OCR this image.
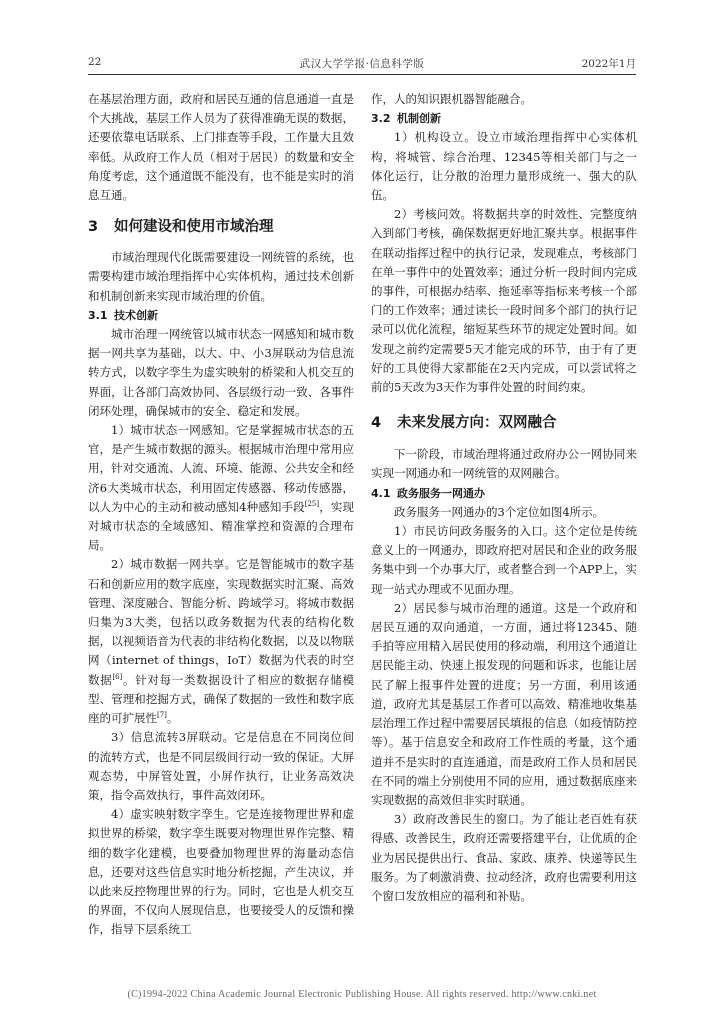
22	武汉大学学报·信息科学版	2022年1月

在基层治理方面，政府和居民互通的信息通道一直是个大挑战，基层工作人员为了获得准确无误的数据，还要依靠电话联系、上门排查等手段，工作量大且效率低。从政府工作人员（相对于居民）的数量和安全角度考虑，这个通道既不能没有，也不能是实时的消息互通。

3 如何建设和使用市域治理

市域治理现代化既需要建设一网统管的系统，也需要构建市域治理指挥中心实体机构，通过技术创新和机制创新来实现市域治理的价值。

3.1 技术创新

城市治理一网统管以城市状态一网感知和城市数据一网共享为基础，以大、中、小3屏联动为信息流转方式，以数字孪生为虚实映射的桥梁和人机交互的界面，让各部门高效协同、各层级行动一致、各事件闭环处理，确保城市的安全、稳定和发展。

1）城市状态一网感知。它是掌握城市状态的五官，是产生城市数据的源头。根据城市治理中常用应用，针对交通流、人流、环境、能源、公共安全和经济6大类城市状态，利用固定传感器、移动传感器，以人为中心的主动和被动感知4种感知手段[25]，实现对城市状态的全域感知、精准掌控和资源的合理布局。

2）城市数据一网共享。它是智能城市的数字基石和创新应用的数字底座，实现数据实时汇聚、高效管理、深度融合、智能分析、跨域学习。将城市数据归集为3大类，包括以政务数据为代表的结构化数据，以视频语音为代表的非结构化数据，以及以物联网（internet of things，IoT）数据为代表的时空数据[6]。针对每一类数据设计了相应的数据存储模型、管理和挖掘方式，确保了数据的一致性和数字底座的可扩展性[7]。

3）信息流转3屏联动。它是信息在不同岗位间的流转方式，也是不同层级间行动一致的保证。大屏观态势，中屏管处置，小屏作执行，让业务高效决策，指令高效执行，事件高效闭环。

4）虚实映射数字孪生。它是连接物理世界和虚拟世界的桥梁，数字孪生既要对物理世界作完整、精细的数字化建模，也要叠加物理世界的海量动态信息，还要对这些信息实时地分析挖掘，产生决议，并以此来反控物理世界的行为。同时，它也是人机交互的界面，不仅向人展现信息，也要接受人的反馈和操作，指导下层系统工

作，人的知识跟机器智能融合。

3.2 机制创新

1）机构设立。设立市域治理指挥中心实体机构，将城管、综合治理、12345等相关部门与之一体化运行，让分散的治理力量形成统一、强大的队伍。

2）考核问效。将数据共享的时效性、完整度纳入到部门考核，确保数据更好地汇聚共享。根据事件在联动指挥过程中的执行记录，发现难点，考核部门在单一事件中的处置效率；通过分析一段时间内完成的事件，可根据办结率、拖延率等指标来考核一个部门的工作效率；通过读长一段时间多个部门的执行记录可以优化流程，缩短某些环节的规定处置时间。如发现之前约定需要5天才能完成的环节，由于有了更好的工具使得大家都能在2天内完成，可以尝试将之前的5天改为3天作为事件处置的时间约束。

4 未来发展方向：双网融合

下一阶段，市域治理将通过政府办公一网协同来实现一网通办和一网统管的双网融合。

4.1 政务服务一网通办

政务服务一网通办的3个定位如图4所示。

1）市民访问政务服务的入口。这个定位是传统意义上的一网通办，即政府把对居民和企业的政务服务集中到一个办事大厅，或者整合到一个APP上，实现一站式办理或不见面办理。

2）居民参与城市治理的通道。这是一个政府和居民互通的双向通道，一方面，通过将12345、随手拍等应用精入居民使用的移动端，利用这个通道让居民能主动、快速上报发现的问题和诉求，也能让居民了解上报事件处置的进度；另一方面，利用该通道，政府尤其是基层工作者可以高效、精准地收集基层治理工作过程中需要居民填报的信息（如疫情防控等）。基于信息安全和政府工作性质的考量，这个通道并不是实时的直连通道，而是政府工作人员和居民在不同的端上分别使用不同的应用，通过数据底座来实现数据的高效但非实时联通。

3）政府改善民生的窗口。为了能让老百姓有获得感、改善民生，政府还需要搭建平台，让优质的企业为居民提供出行、食品、家政、康养、快递等民生服务。为了刺激消费、拉动经济，政府也需要利用这个窗口发放相应的福利和补贴。

(C)1994-2022 China Academic Journal Electronic Publishing House. All rights reserved. http://www.cnki.net
